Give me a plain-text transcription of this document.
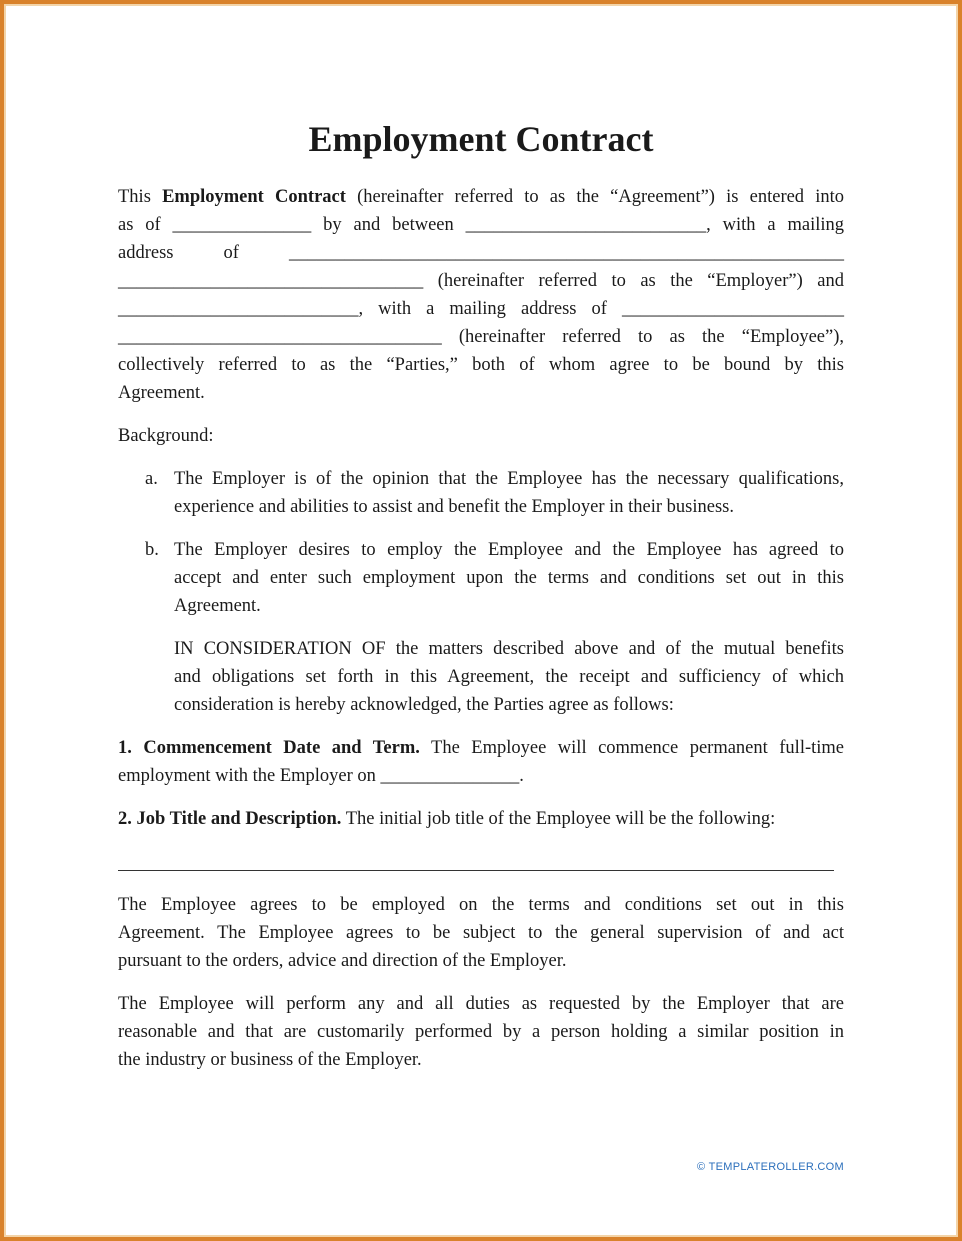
Employment Contract
This Employment Contract (hereinafter referred to as the “Agreement”) is entered into
as of _______________ by and between __________________________, with a mailing
address of ____________________________________________________________
_________________________________ (hereinafter referred to as the “Employer”) and
__________________________, with a mailing address of ________________________
___________________________________ (hereinafter referred to as the “Employee”),
collectively referred to as the “Parties,” both of whom agree to be bound by this
Agreement.

Background:

a. The Employer is of the opinion that the Employee has the necessary qualifications,
experience and abilities to assist and benefit the Employer in their business.
b. The Employer desires to employ the Employee and the Employee has agreed to
accept and enter such employment upon the terms and conditions set out in this
Agreement.
IN CONSIDERATION OF the matters described above and of the mutual benefits
and obligations set forth in this Agreement, the receipt and sufficiency of which
consideration is hereby acknowledged, the Parties agree as follows:
1. Commencement Date and Term. The Employee will commence permanent full-time
employment with the Employer on _______________.
2. Job Title and Description. The initial job title of the Employee will be the following:
The Employee agrees to be employed on the terms and conditions set out in this
Agreement. The Employee agrees to be subject to the general supervision of and act
pursuant to the orders, advice and direction of the Employer.
The Employee will perform any and all duties as requested by the Employer that are
reasonable and that are customarily performed by a person holding a similar position in
the industry or business of the Employer.
© TEMPLATEROLLER.COM
